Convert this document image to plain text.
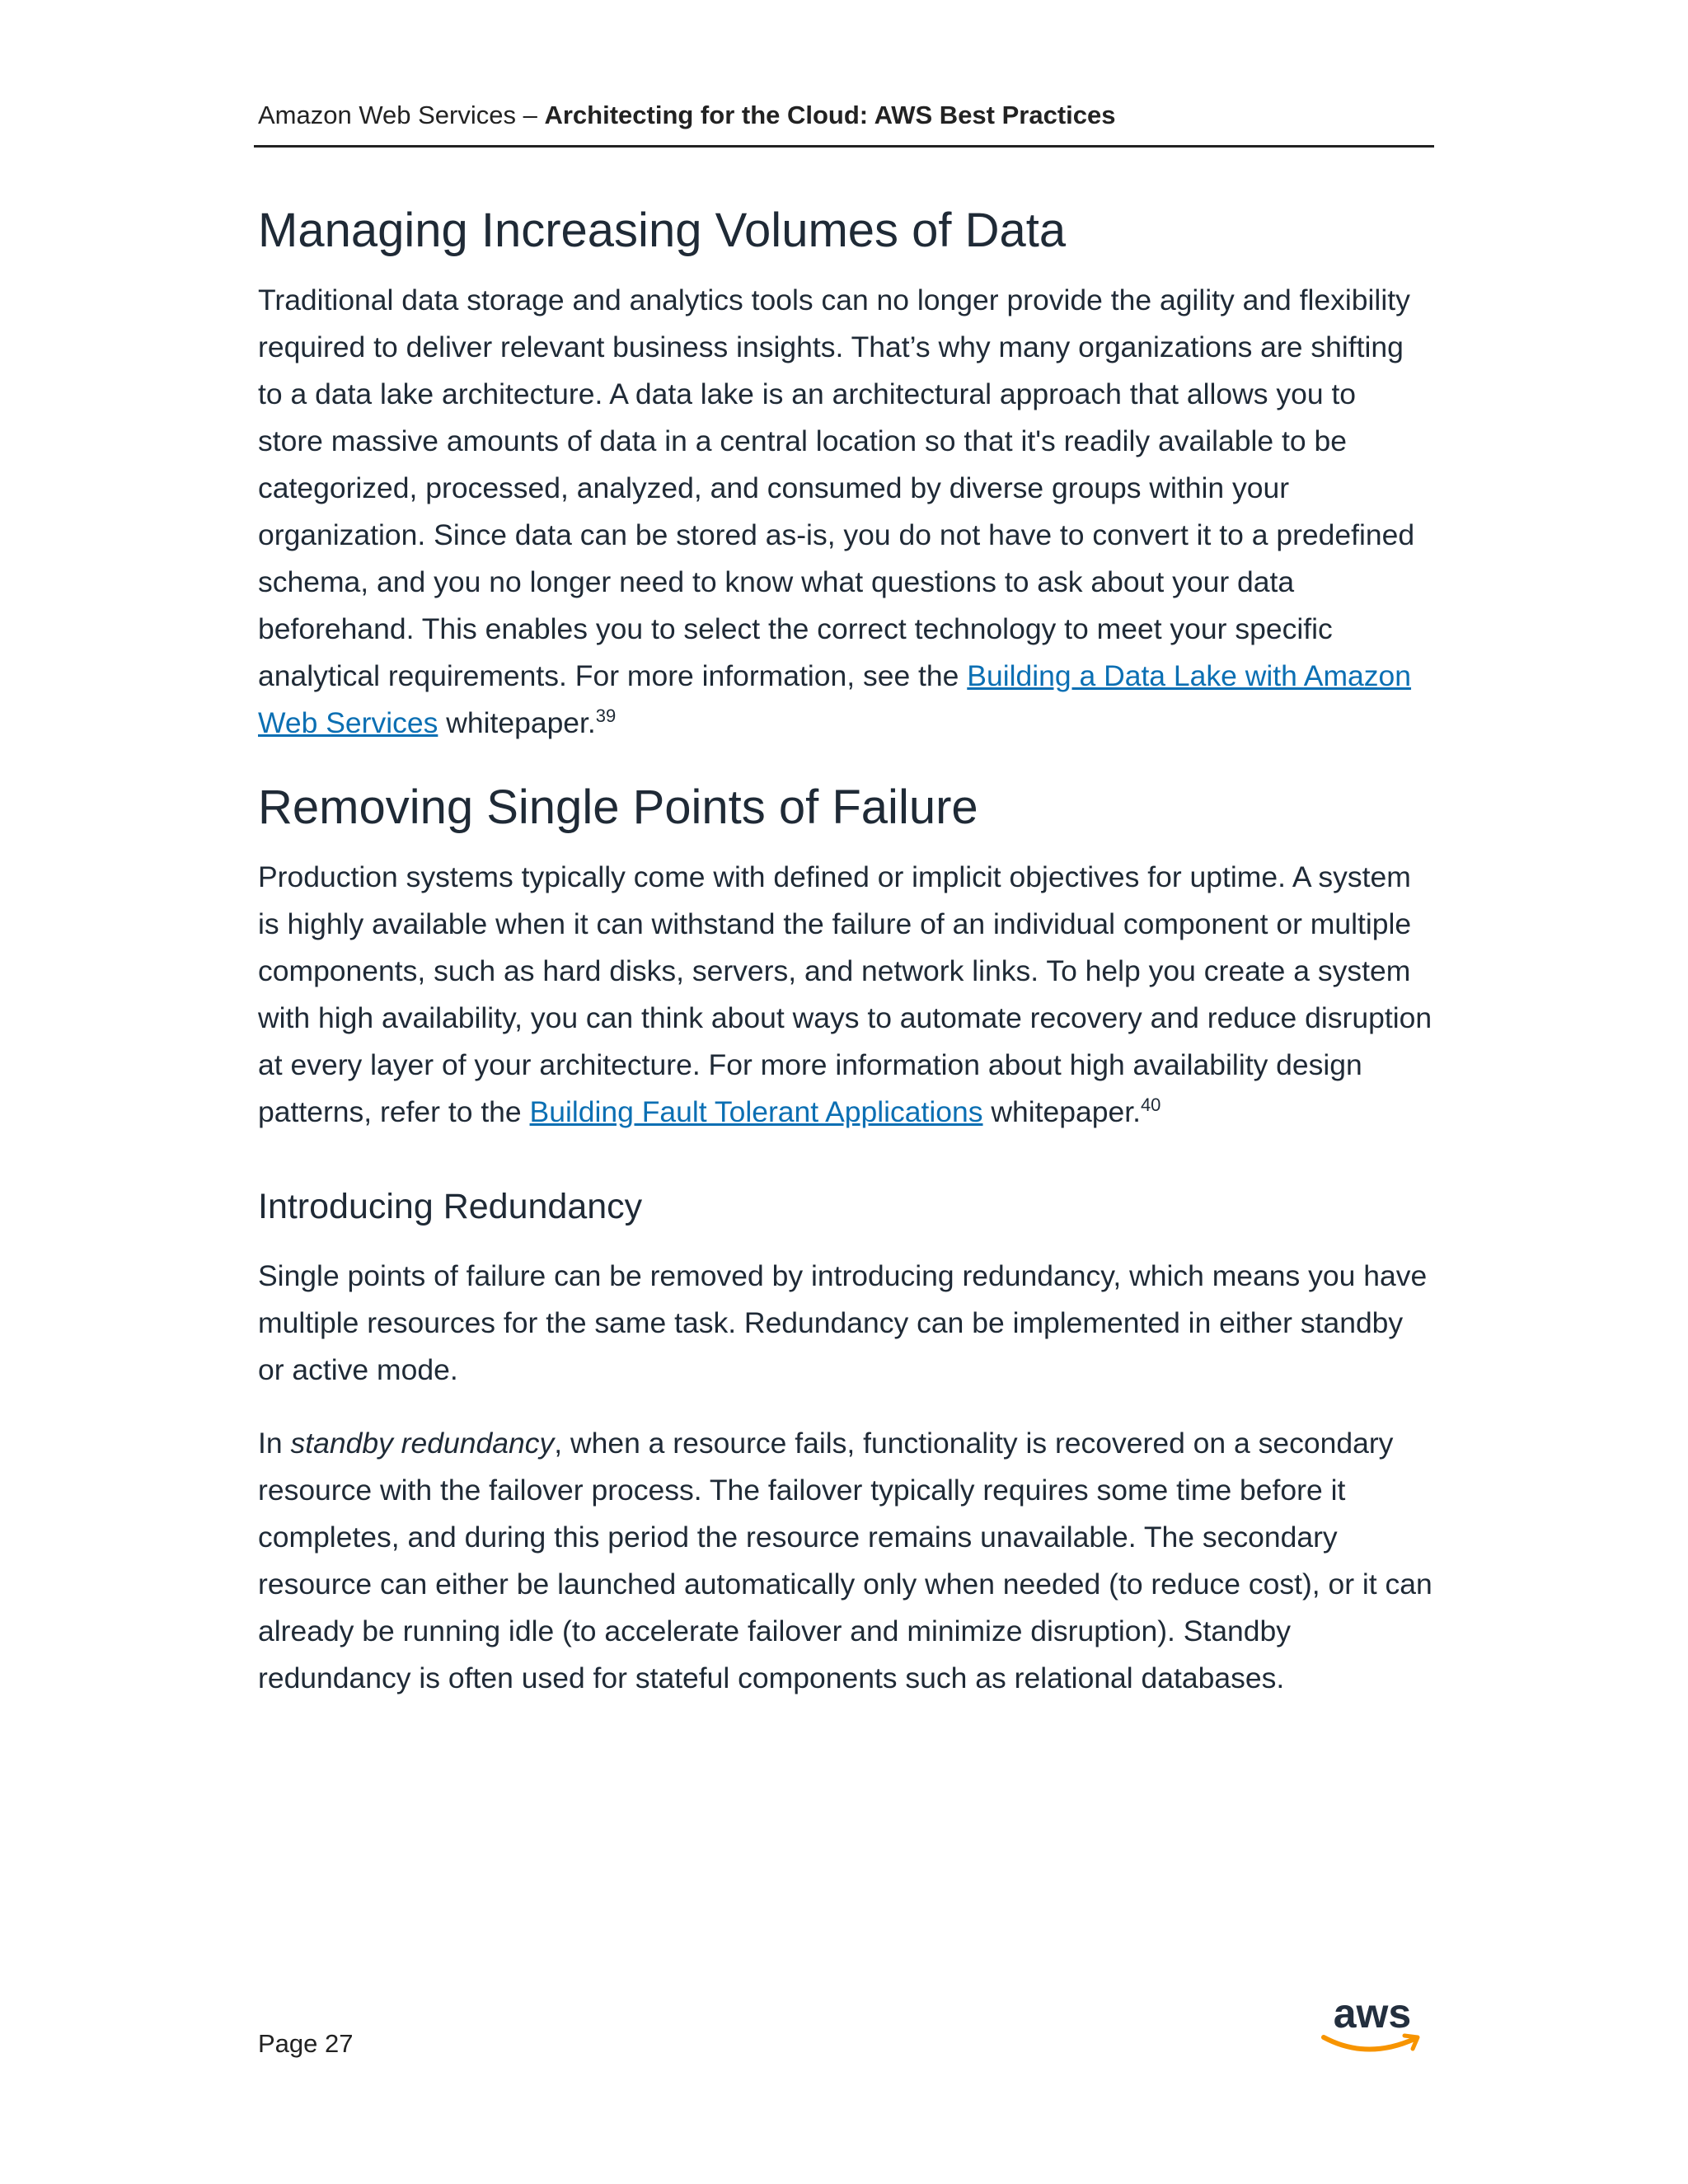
Amazon Web Services – Architecting for the Cloud: AWS Best Practices
Managing Increasing Volumes of Data

Traditional data storage and analytics tools can no longer provide the agility and flexibility required to deliver relevant business insights. That’s why many organizations are shifting to a data lake architecture. A data lake is an architectural approach that allows you to store massive amounts of data in a central location so that it's readily available to be categorized, processed, analyzed, and consumed by diverse groups within your organization. Since data can be stored as-is, you do not have to convert it to a predefined schema, and you no longer need to know what questions to ask about your data beforehand. This enables you to select the correct technology to meet your specific analytical requirements. For more information, see the Building a Data Lake with Amazon Web Services whitepaper.$^{39}$

Removing Single Points of Failure

Production systems typically come with defined or implicit objectives for uptime. A system is highly available when it can withstand the failure of an individual component or multiple components, such as hard disks, servers, and network links. To help you create a system with high availability, you can think about ways to automate recovery and reduce disruption at every layer of your architecture. For more information about high availability design patterns, refer to the Building Fault Tolerant Applications whitepaper.$^{40}$

Introducing Redundancy

Single points of failure can be removed by introducing redundancy, which means you have multiple resources for the same task. Redundancy can be implemented in either standby or active mode.

In standby redundancy, when a resource fails, functionality is recovered on a secondary resource with the failover process. The failover typically requires some time before it completes, and during this period the resource remains unavailable. The secondary resource can either be launched automatically only when needed (to reduce cost), or it can already be running idle (to accelerate failover and minimize disruption). Standby redundancy is often used for stateful components such as relational databases.

Page 27
aws
